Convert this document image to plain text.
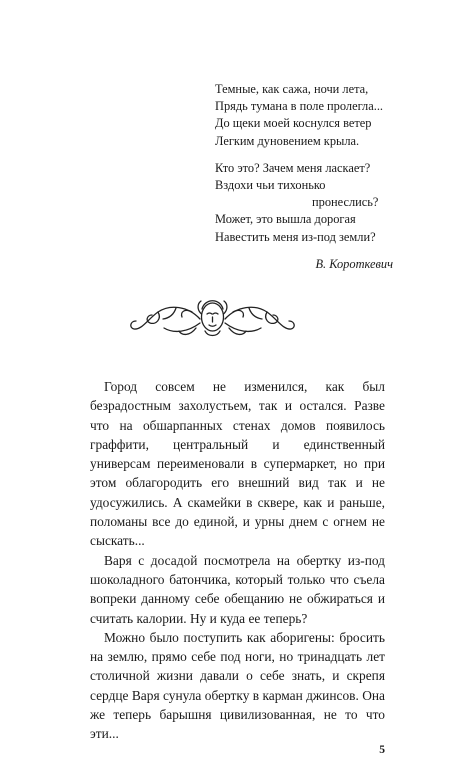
Темные, как сажа, ночи лета,
Прядь тумана в поле пролегла...
До щеки моей коснулся ветер
Легким дуновением крыла.
Кто это? Зачем меня ласкает?
Вздохи чьи тихонько
пронеслись?
Может, это вышла дорогая
Навестить меня из-под земли?
В. Короткевич

Город совсем не изменился, как был безрадостным захолустьем, так и остался. Разве что на обшарпанных стенах домов появилось граффити, центральный и единственный универсам переименовали в супермаркет, но при этом облагородить его внешний вид так и не удосужились. А скамейки в сквере, как и раньше, поломаны все до единой, и урны днем с огнем не сыскать...

Варя с досадой посмотрела на обертку из-под шоколадного батончика, который только что съела вопреки данному себе обещанию не обжираться и считать калории. Ну и куда ее теперь?

Можно было поступить как аборигены: бросить на землю, прямо себе под ноги, но тринадцать лет столичной жизни давали о себе знать, и скрепя сердце Варя сунула обертку в карман джинсов. Она же теперь барышня цивилизованная, не то что эти...

5
